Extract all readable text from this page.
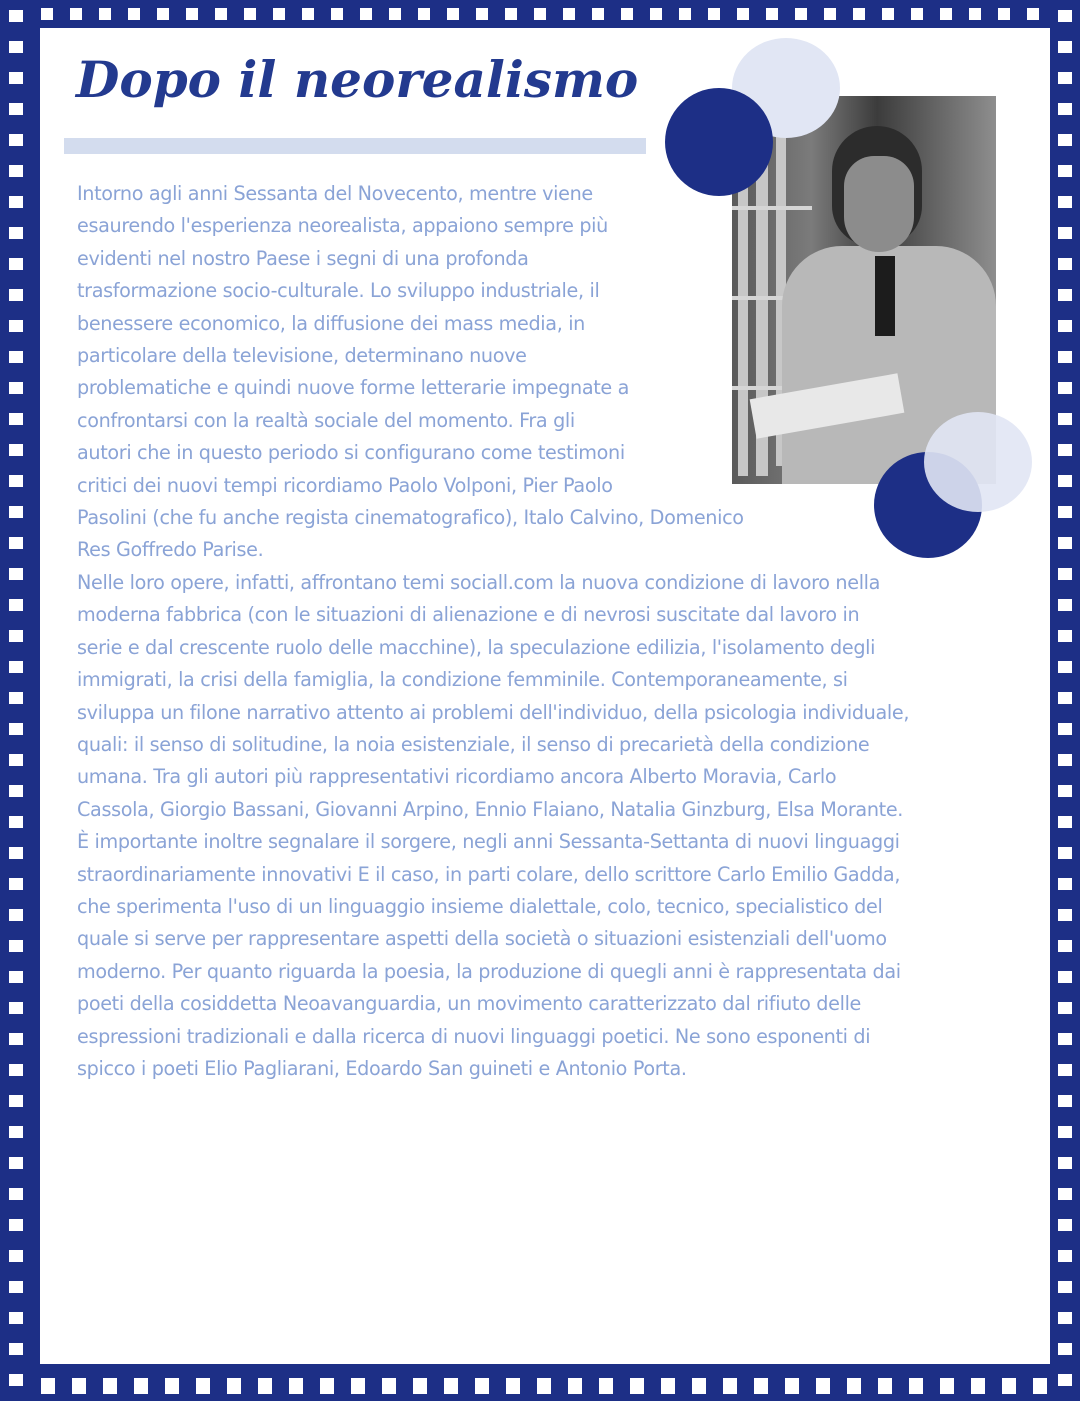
Dopo il neorealismo
Intorno agli anni Sessanta del Novecento, mentre viene
esaurendo l'esperienza neorealista, appaiono sempre più
evidenti nel nostro Paese i segni di una profonda
trasformazione socio-culturale. Lo sviluppo industriale, il
benessere economico, la diffusione dei mass media, in
particolare della televisione, determinano nuove
problematiche e quindi nuove forme letterarie impegnate a
confrontarsi con la realtà sociale del momento. Fra gli
autori che in questo periodo si configurano come testimoni
critici dei nuovi tempi ricordiamo Paolo Volponi, Pier Paolo
Pasolini (che fu anche regista cinematografico), Italo Calvino, Domenico
Res Goffredo Parise.
Nelle loro opere, infatti, affrontano temi sociall.com la nuova condizione di lavoro nella
moderna fabbrica (con le situazioni di alienazione e di nevrosi suscitate dal lavoro in
serie e dal crescente ruolo delle macchine), la speculazione edilizia, l'isolamento degli
immigrati, la crisi della famiglia, la condizione femminile. Contemporaneamente, si
sviluppa un filone narrativo attento ai problemi dell'individuo, della psicologia individuale,
quali: il senso di solitudine, la noia esistenziale, il senso di precarietà della condizione
umana. Tra gli autori più rappresentativi ricordiamo ancora Alberto Moravia, Carlo
Cassola, Giorgio Bassani, Giovanni Arpino, Ennio Flaiano, Natalia Ginzburg, Elsa Morante.
È importante inoltre segnalare il sorgere, negli anni Sessanta-Settanta di nuovi linguaggi
straordinariamente innovativi E il caso, in parti colare, dello scrittore Carlo Emilio Gadda,
che sperimenta l'uso di un linguaggio insieme dialettale, colo, tecnico, specialistico del
quale si serve per rappresentare aspetti della società o situazioni esistenziali dell'uomo
moderno. Per quanto riguarda la poesia, la produzione di quegli anni è rappresentata dai
poeti della cosiddetta Neoavanguardia, un movimento caratterizzato dal rifiuto delle
espressioni tradizionali e dalla ricerca di nuovi linguaggi poetici. Ne sono esponenti di
spicco i poeti Elio Pagliarani, Edoardo San guineti e Antonio Porta.
